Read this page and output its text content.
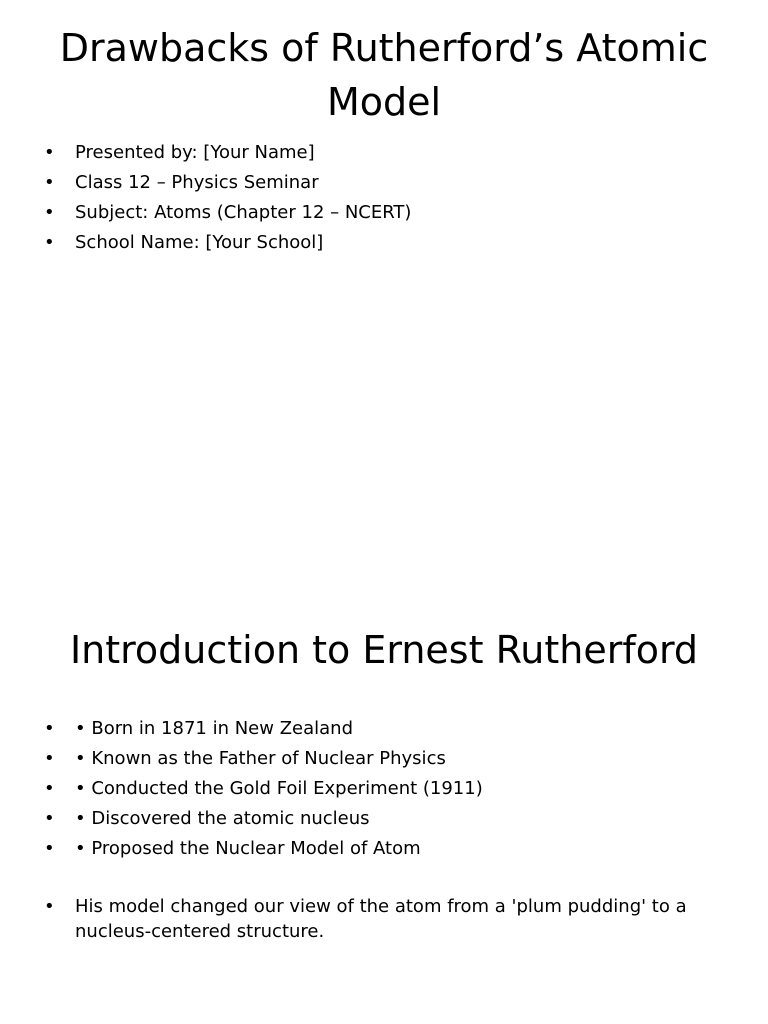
Drawbacks of Rutherford’s Atomic Model
• Presented by: [Your Name]
• Class 12 – Physics Seminar
• Subject: Atoms (Chapter 12 – NCERT)
• School Name: [Your School]
Introduction to Ernest Rutherford
• • Born in 1871 in New Zealand
• • Known as the Father of Nuclear Physics
• • Conducted the Gold Foil Experiment (1911)
• • Discovered the atomic nucleus
• • Proposed the Nuclear Model of Atom
• His model changed our view of the atom from a 'plum pudding' to a nucleus-centered structure.
